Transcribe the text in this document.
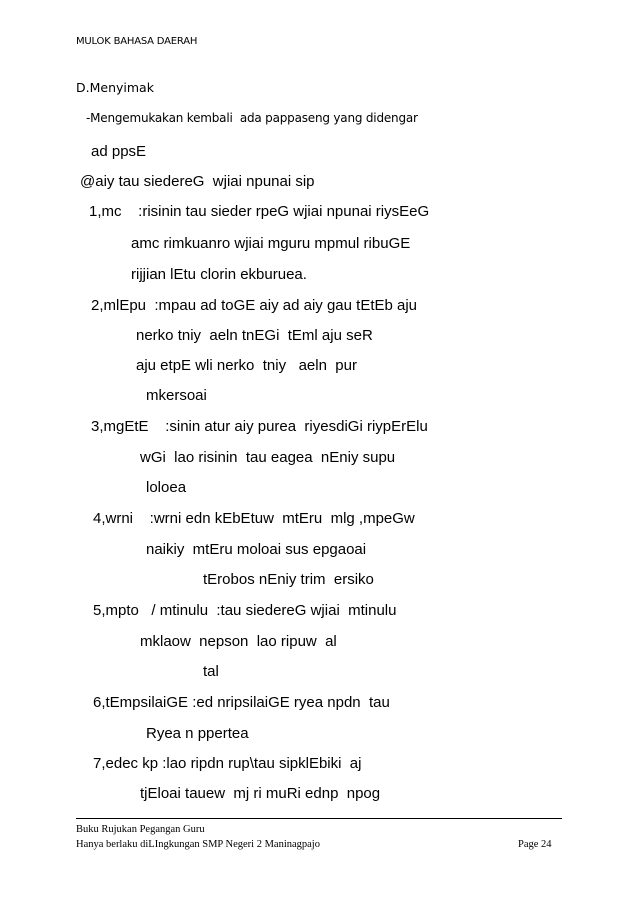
MULOK BAHASA DAERAH
D.Menyimak
-Mengemukakan kembali  ada pappaseng yang didengar
ad ppsE
@aiy tau siedereG  wjiai npunai sip
1,mc    :risinin tau sieder rpeG wjiai npunai riysEeG
amc rimkuanro wjiai mguru mpmul ribuGE
rijjian lEtu clorin ekburuea.
2,mlEpu  :mpau ad toGE aiy ad aiy gau tEtEb aju
nerko tniy  aeln tnEGi  tEml aju seR
aju etpE wli nerko  tniy   aeln  pur
mkersoai
3,mgEtE    :sinin atur aiy purea  riyesdiGi riypErElu
wGi  lao risinin  tau eagea  nEniy supu
loloea
4,wrni    :wrni edn kEbEtuw  mtEru  mlg ,mpeGw
naikiy  mtEru moloai sus epgaoai
tErobos nEniy trim  ersiko
5,mpto   / mtinulu  :tau siedereG wjiai  mtinulu
mklaow  nepson  lao ripuw  al
tal
6,tEmpsilaiGE :ed nripsilaiGE ryea npdn  tau
Ryea n ppertea
7,edec kp :lao ripdn rup\tau sipklEbiki  aj
tjEloai tauew  mj ri muRi ednp  npog
Buku Rujukan Pegangan Guru
Hanya berlaku diLIngkungan SMP Negeri 2 Maninagpajo	Page 24
